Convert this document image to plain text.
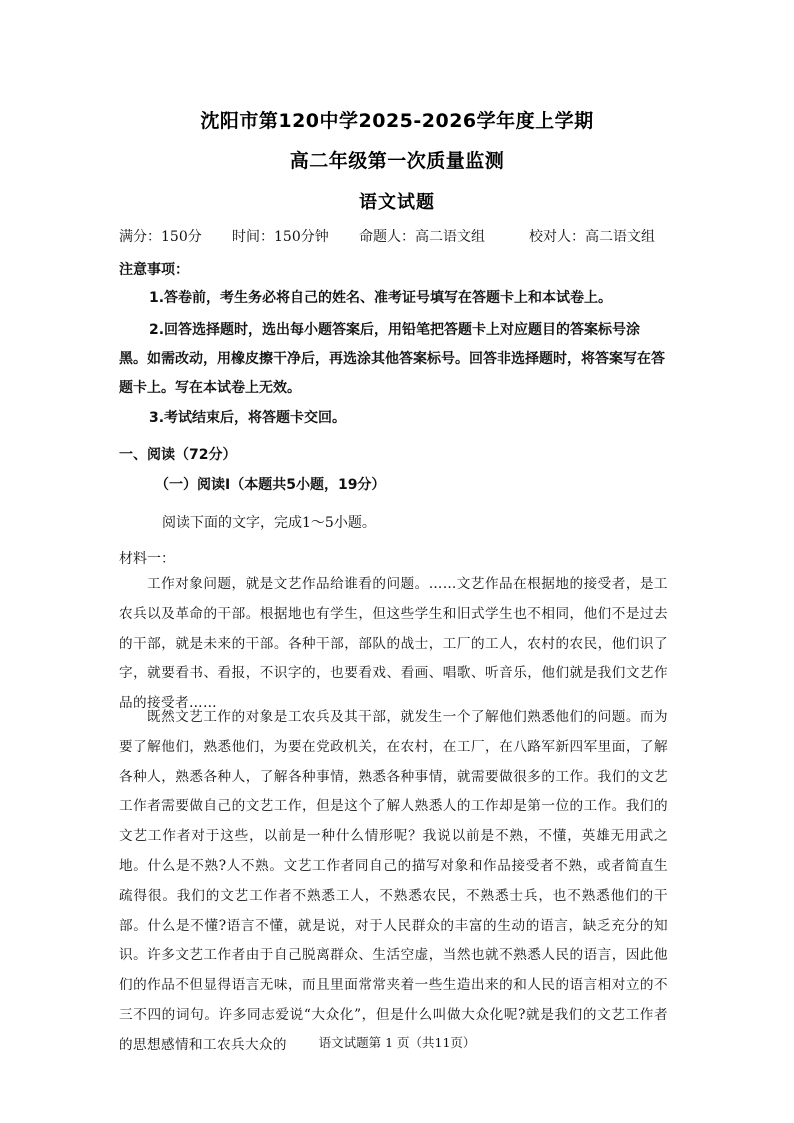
沈阳市第120中学2025-2026学年度上学期
高二年级第一次质量监测
语文试题
满分：150分 时间：150分钟 命题人：高二语文组	校对人：高二语文组
注意事项：
1.答卷前，考生务必将自己的姓名、准考证号填写在答题卡上和本试卷上。
2.回答选择题时，选出每小题答案后，用铅笔把答题卡上对应题目的答案标号涂黑。如需改动，用橡皮擦干净后，再选涂其他答案标号。回答非选择题时，将答案写在答题卡上。写在本试卷上无效。
3.考试结束后，将答题卡交回。
一、阅读（72分）
（一）阅读Ⅰ（本题共5小题，19分）
阅读下面的文字，完成1～5小题。
材料一：
工作对象问题，就是文艺作品给谁看的问题。……文艺作品在根据地的接受者，是工农兵以及革命的干部。根据地也有学生，但这些学生和旧式学生也不相同，他们不是过去的干部，就是未来的干部。各种干部，部队的战士，工厂的工人，农村的农民，他们识了字，就要看书、看报，不识字的，也要看戏、看画、唱歌、听音乐，他们就是我们文艺作品的接受者……
既然文艺工作的对象是工农兵及其干部，就发生一个了解他们熟悉他们的问题。而为要了解他们，熟悉他们，为要在党政机关，在农村，在工厂，在八路军新四军里面，了解各种人，熟悉各种人，了解各种事情，熟悉各种事情，就需要做很多的工作。我们的文艺工作者需要做自己的文艺工作，但是这个了解人熟悉人的工作却是第一位的工作。我们的文艺工作者对于这些，以前是一种什么情形呢？我说以前是不熟，不懂，英雄无用武之地。什么是不熟?人不熟。文艺工作者同自己的描写对象和作品接受者不熟，或者简直生疏得很。我们的文艺工作者不熟悉工人，不熟悉农民，不熟悉士兵，也不熟悉他们的干部。什么是不懂?语言不懂，就是说，对于人民群众的丰富的生动的语言，缺乏充分的知识。许多文艺工作者由于自己脱离群众、生活空虚，当然也就不熟悉人民的语言，因此他们的作品不但显得语言无味，而且里面常常夹着一些生造出来的和人民的语言相对立的不三不四的词句。许多同志爱说“大众化”，但是什么叫做大众化呢?就是我们的文艺工作者的思想感情和工农兵大众的	语文试题第 1 页（共11页）
